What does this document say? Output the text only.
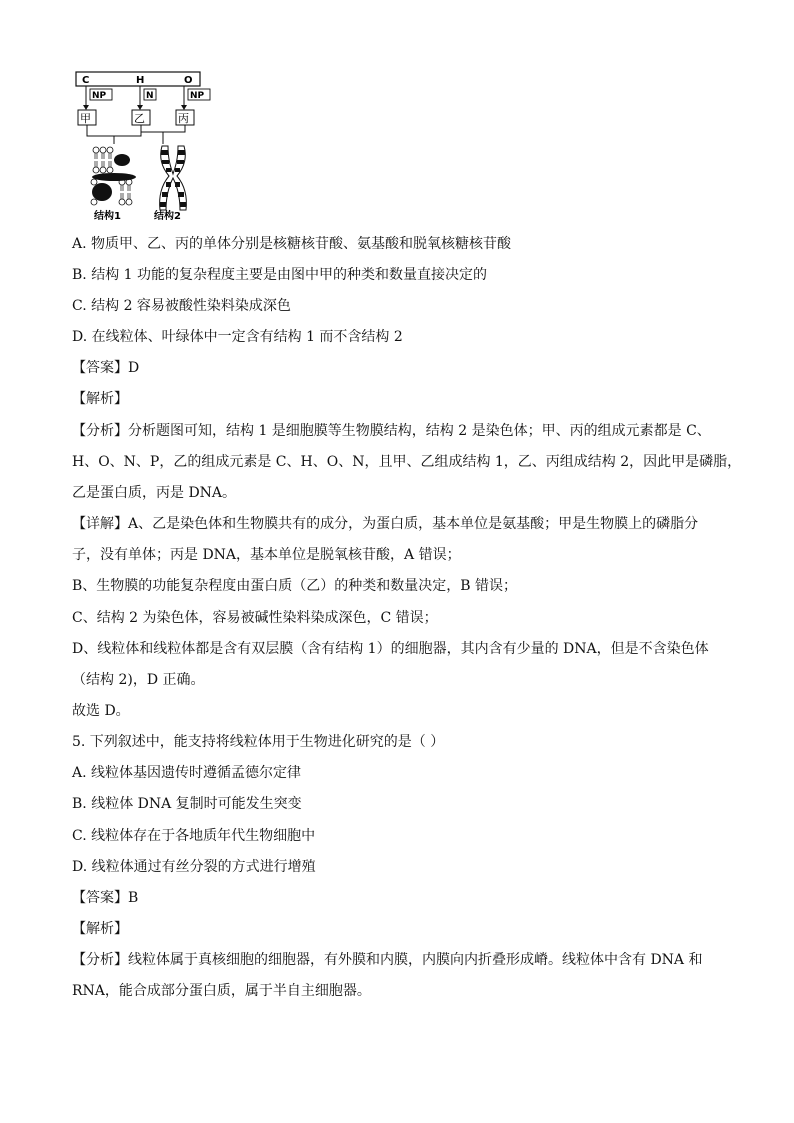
C	H	O
NP	N	NP
甲	乙	丙
结构1	结构2
A. 物质甲、乙、丙的单体分别是核糖核苷酸、氨基酸和脱氧核糖核苷酸
B. 结构 1 功能的复杂程度主要是由图中甲的种类和数量直接决定的
C. 结构 2 容易被酸性染料染成深色
D. 在线粒体、叶绿体中一定含有结构 1 而不含结构 2
【答案】D
【解析】
【分析】分析题图可知，结构 1 是细胞膜等生物膜结构，结构 2 是染色体；甲、丙的组成元素都是 C、
H、O、N、P，乙的组成元素是 C、H、O、N，且甲、乙组成结构 1，乙、丙组成结构 2，因此甲是磷脂，
乙是蛋白质，丙是 DNA。
【详解】A、乙是染色体和生物膜共有的成分，为蛋白质，基本单位是氨基酸；甲是生物膜上的磷脂分
子，没有单体；丙是 DNA，基本单位是脱氧核苷酸，A 错误；
B、生物膜的功能复杂程度由蛋白质（乙）的种类和数量决定，B 错误；
C、结构 2 为染色体，容易被碱性染料染成深色，C 错误；
D、线粒体和线粒体都是含有双层膜（含有结构 1）的细胞器，其内含有少量的 DNA，但是不含染色体
（结构 2)，D 正确。
故选 D。
5. 下列叙述中，能支持将线粒体用于生物进化研究的是（ ）
A. 线粒体基因遗传时遵循孟德尔定律
B. 线粒体 DNA 复制时可能发生突变
C. 线粒体存在于各地质年代生物细胞中
D. 线粒体通过有丝分裂的方式进行增殖
【答案】B
【解析】
【分析】线粒体属于真核细胞的细胞器，有外膜和内膜，内膜向内折叠形成嵴。线粒体中含有 DNA 和
RNA，能合成部分蛋白质，属于半自主细胞器。
